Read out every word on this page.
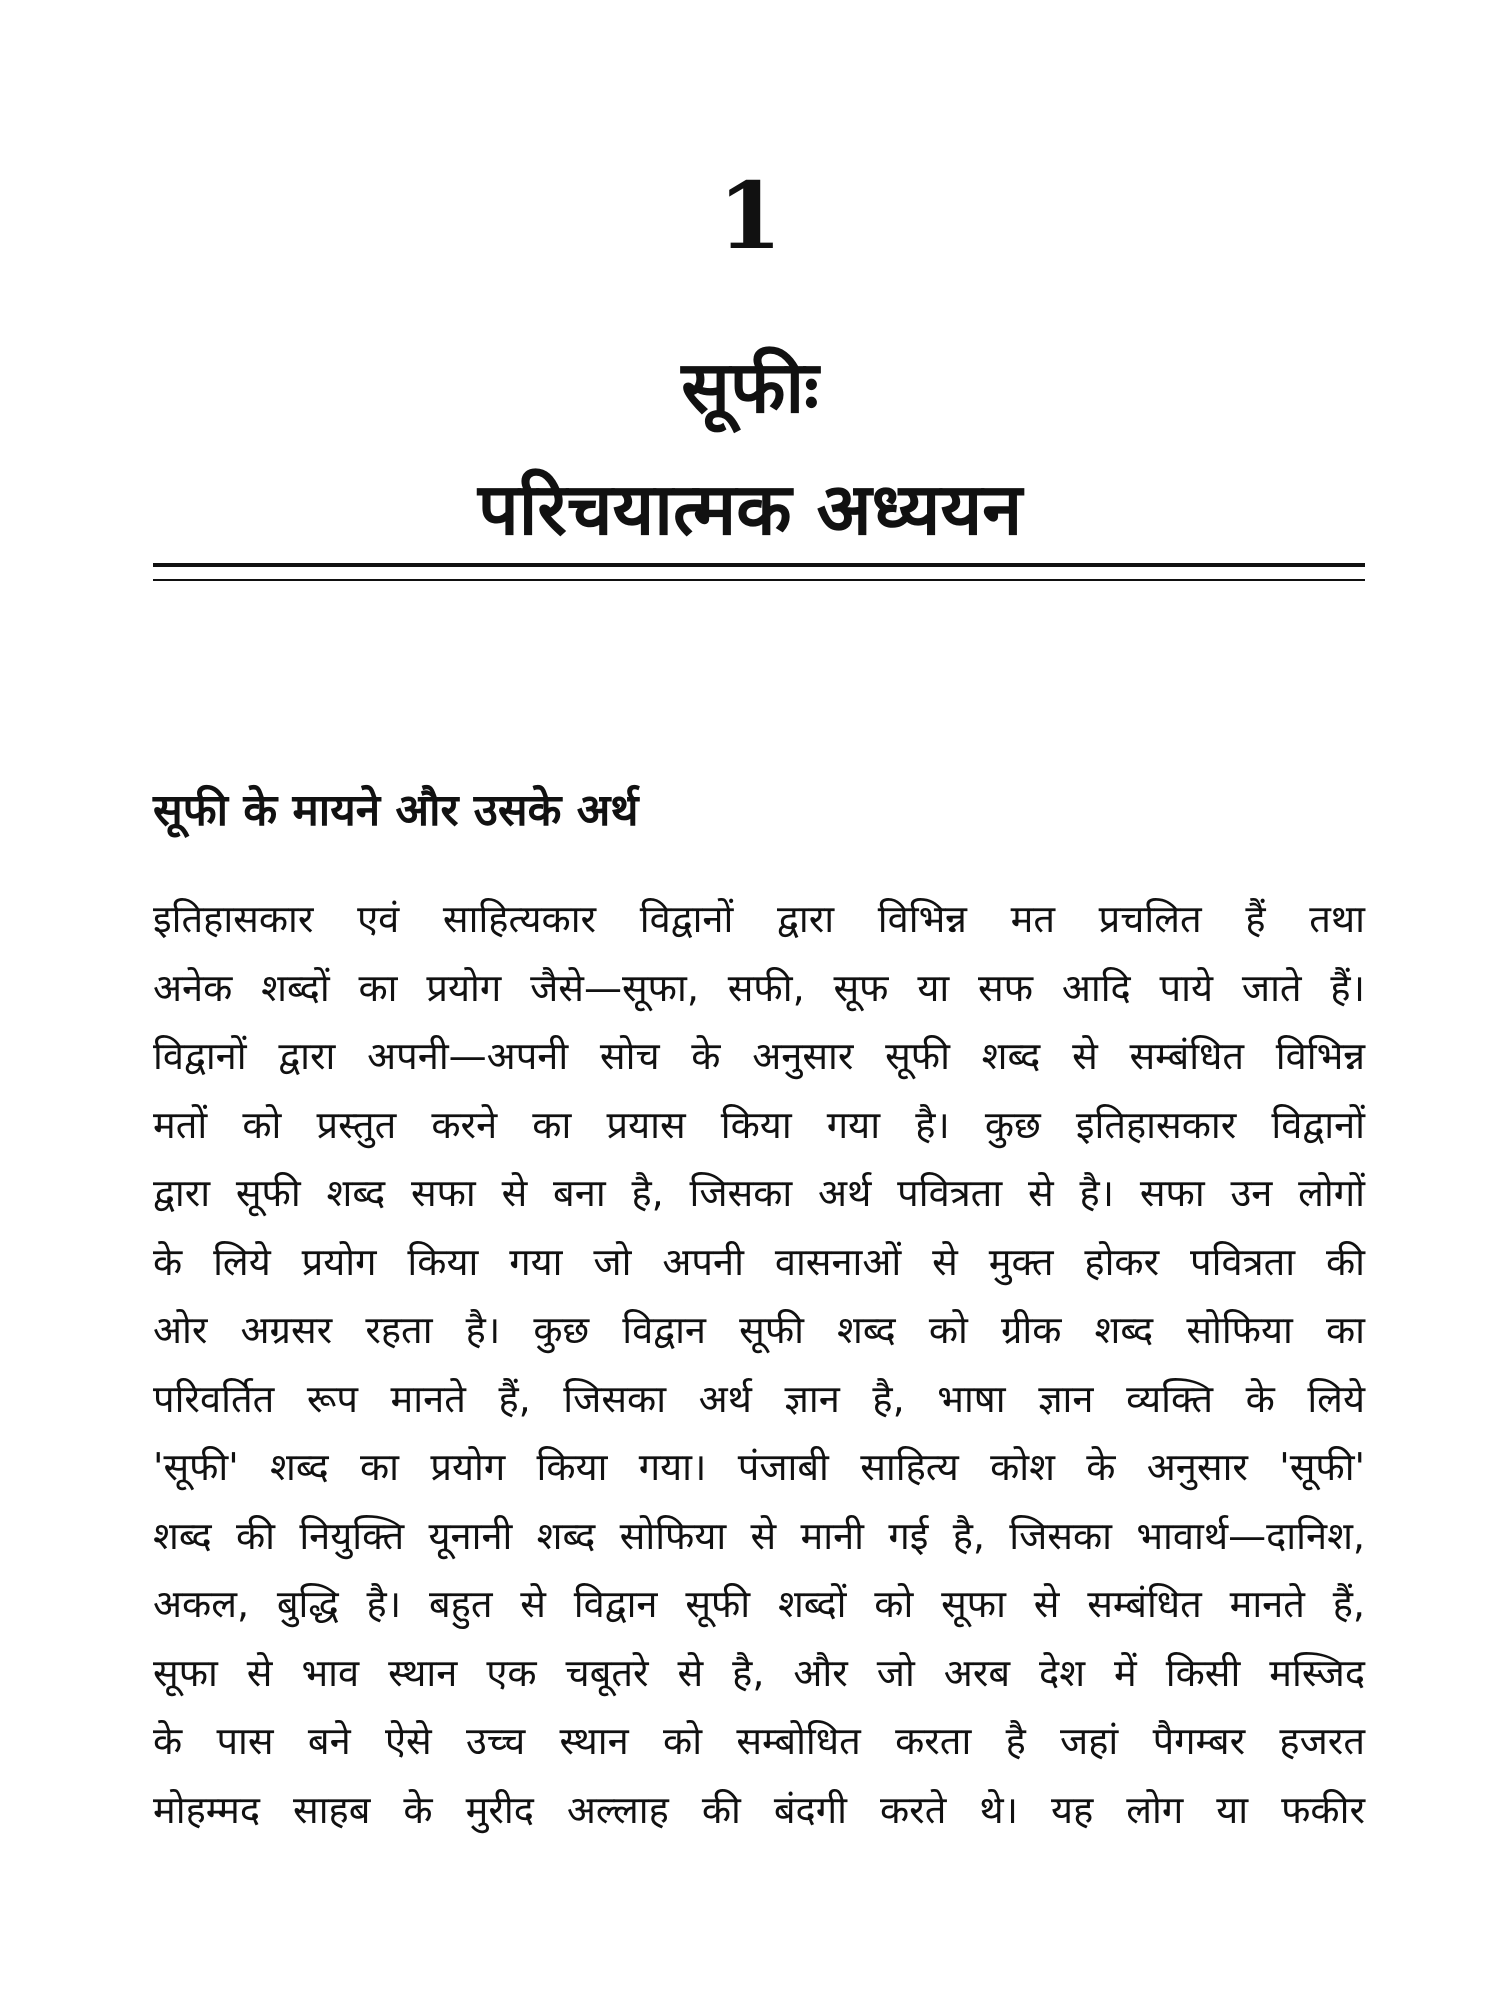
1
सूफीः
परिचयात्मक अध्ययन
सूफी के मायने और उसके अर्थ
इतिहासकार एवं साहित्यकार विद्वानों द्वारा विभिन्न मत प्रचलित हैं तथा
अनेक शब्दों का प्रयोग जैसे—सूफा, सफी, सूफ या सफ आदि पाये जाते हैं।
विद्वानों द्वारा अपनी—अपनी सोच के अनुसार सूफी शब्द से सम्बंधित विभिन्न
मतों को प्रस्तुत करने का प्रयास किया गया है। कुछ इतिहासकार विद्वानों
द्वारा सूफी शब्द सफा से बना है, जिसका अर्थ पवित्रता से है। सफा उन लोगों
के लिये प्रयोग किया गया जो अपनी वासनाओं से मुक्त होकर पवित्रता की
ओर अग्रसर रहता है। कुछ विद्वान सूफी शब्द को ग्रीक शब्द सोफिया का
परिवर्तित रूप मानते हैं, जिसका अर्थ ज्ञान है, भाषा ज्ञान व्यक्ति के लिये
'सूफी' शब्द का प्रयोग किया गया। पंजाबी साहित्य कोश के अनुसार 'सूफी'
शब्द की नियुक्ति यूनानी शब्द सोफिया से मानी गई है, जिसका भावार्थ—दानिश,
अकल, बुद्धि है। बहुत से विद्वान सूफी शब्दों को सूफा से सम्बंधित मानते हैं,
सूफा से भाव स्थान एक चबूतरे से है, और जो अरब देश में किसी मस्जिद
के पास बने ऐसे उच्च स्थान को सम्बोधित करता है जहां पैगम्बर हजरत
मोहम्मद साहब के मुरीद अल्लाह की बंदगी करते थे। यह लोग या फकीर
